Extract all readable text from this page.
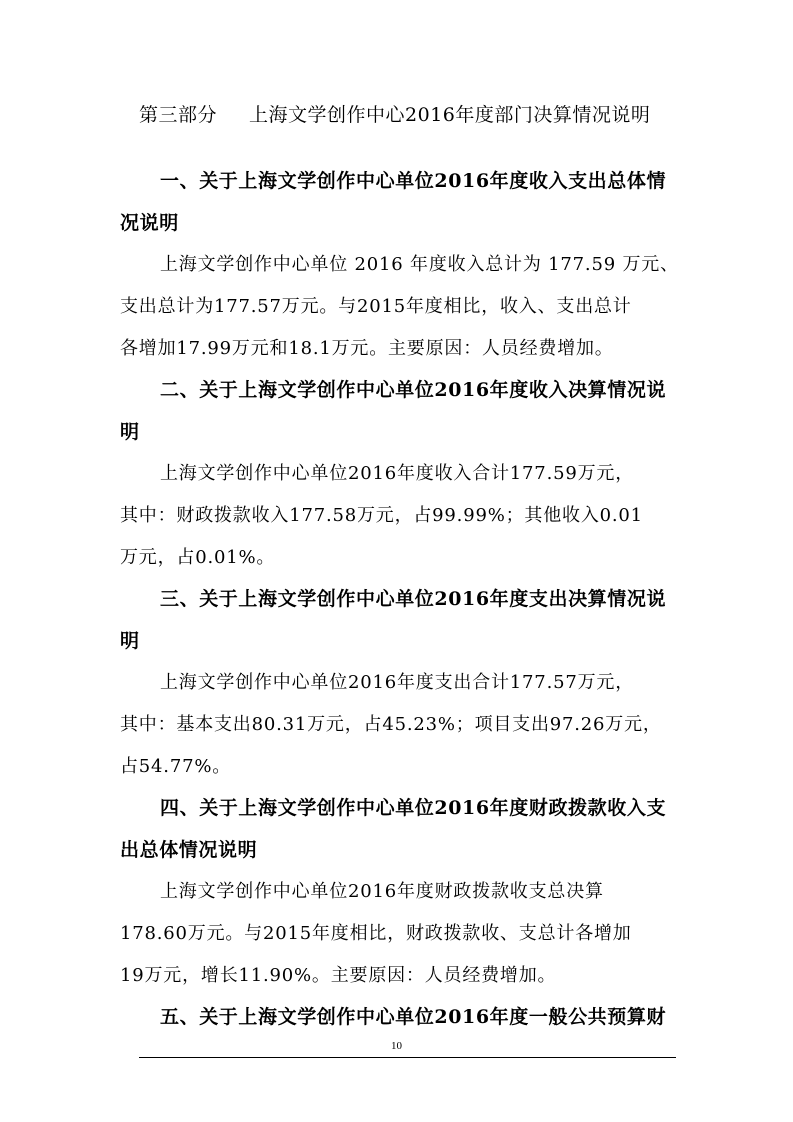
第三部分 上海文学创作中心2016年度部门决算情况说明
一、关于上海文学创作中心单位2016年度收入支出总体情
况说明
上海文学创作中心单位 2016 年度收入总计为 177.59 万元、
支出总计为177.57万元。与2015年度相比，收入、支出总计
各增加17.99万元和18.1万元。主要原因：人员经费增加。
二、关于上海文学创作中心单位2016年度收入决算情况说
明
上海文学创作中心单位2016年度收入合计177.59万元，
其中：财政拨款收入177.58万元，占99.99%；其他收入0.01
万元，占0.01%。
三、关于上海文学创作中心单位2016年度支出决算情况说
明
上海文学创作中心单位2016年度支出合计177.57万元，
其中：基本支出80.31万元，占45.23%；项目支出97.26万元，
占54.77%。
四、关于上海文学创作中心单位2016年度财政拨款收入支
出总体情况说明
上海文学创作中心单位2016年度财政拨款收支总决算
178.60万元。与2015年度相比，财政拨款收、支总计各增加
19万元，增长11.90%。主要原因：人员经费增加。
五、关于上海文学创作中心单位2016年度一般公共预算财
10
